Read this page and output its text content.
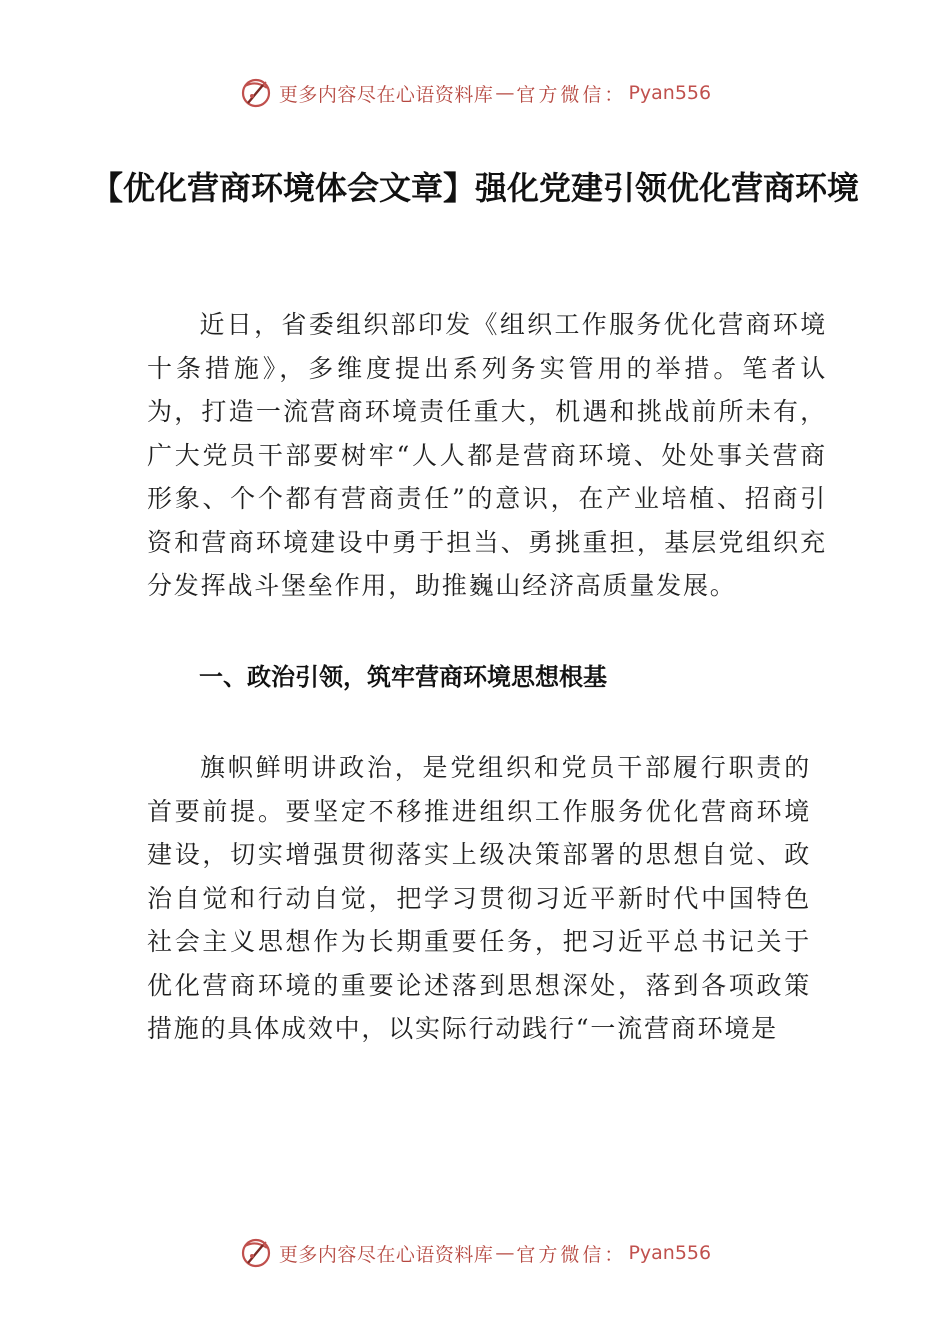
更多内容尽在心语资料库 — 官方微信： Pyan556
【优化营商环境体会文章】强化党建引领优化营商环境

近日，省委组织部印发《组织工作服务优化营商环境十条措施》，多维度提出系列务实管用的举措。笔者认为，打造一流营商环境责任重大，机遇和挑战前所未有， 广大党员干部要树牢“人人都是营商环境、处处事关营商形象、个个都有营商责任”的意识，在产业培植、招商引资和营商环境建设中勇于担当、勇挑重担，基层党组织充分发挥战斗堡垒作用，助推巍山经济高质量发展。

一、政治引领，筑牢营商环境思想根基

旗帜鲜明讲政治，是党组织和党员干部履行职责的首要前提。要坚定不移推进组织工作服务优化营商环境建设，切实增强贯彻落实上级决策部署的思想自觉、政治自觉和行动自觉，把学习贯彻习近平新时代中国特色社会主义思想作为长期重要任务，把习近平总书记关于优化营商环境的重要论述落到思想深处，落到各项政策措施的具体成效中，以实际行动践行“一流营商环境是

更多内容尽在心语资料库 — 官方微信： Pyan556
